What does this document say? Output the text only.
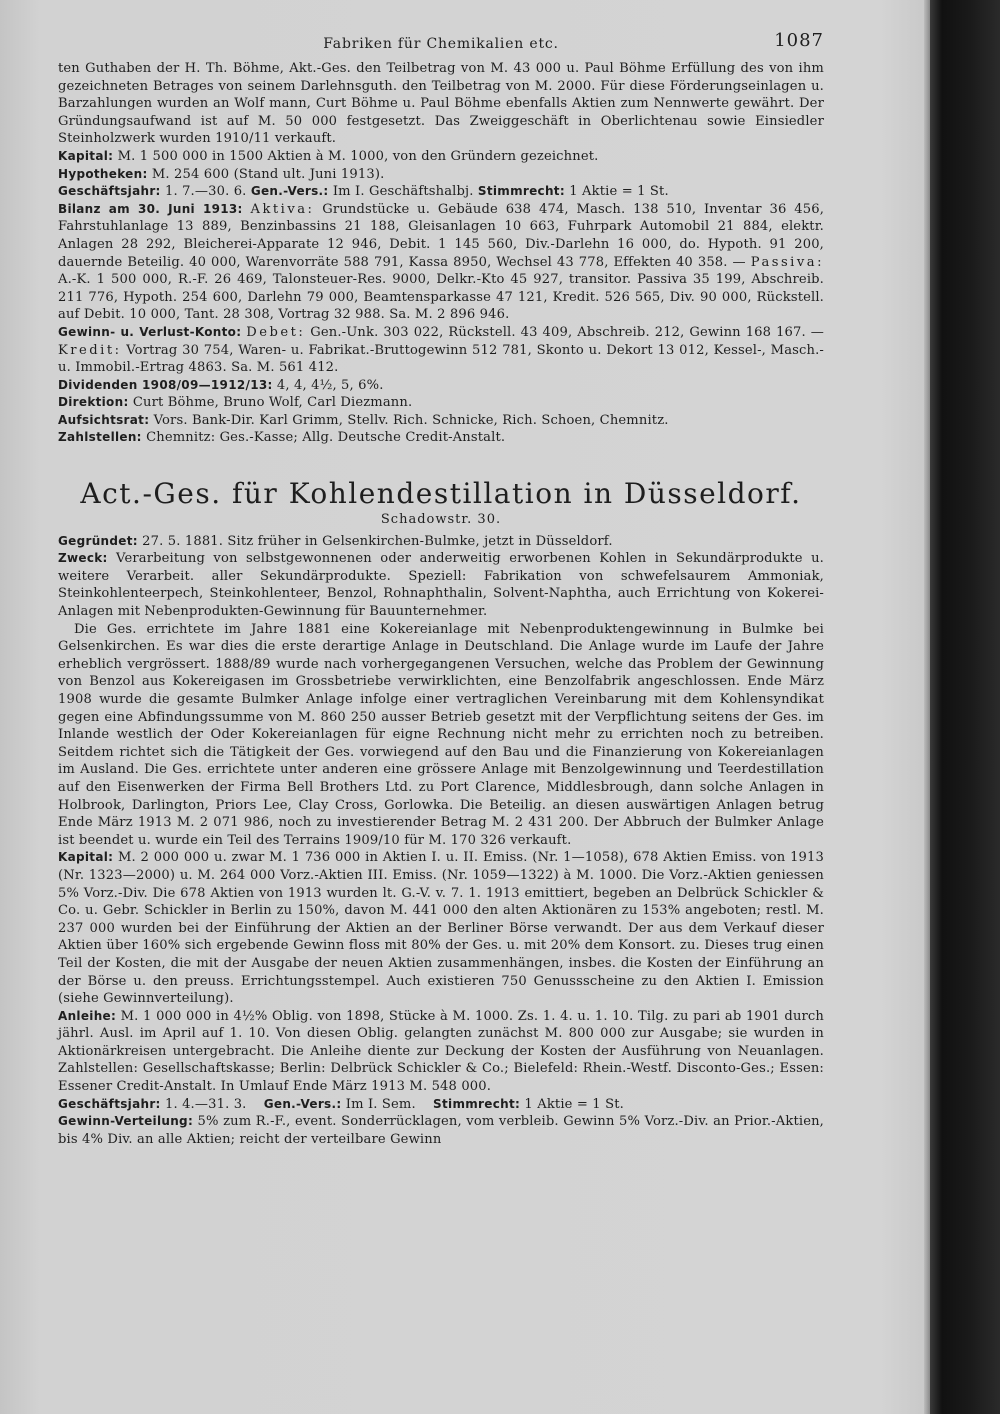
Fabriken für Chemikalien etc.	1087

ten Guthaben der H. Th. Böhme, Akt.-Ges. den Teilbetrag von M. 43 000 u. Paul Böhme Erfüllung des von ihm gezeichneten Betrages von seinem Darlehnsguth. den Teilbetrag von M. 2000. Für diese Förderungseinlagen u. Barzahlungen wurden an Wolf mann, Curt Böhme u. Paul Böhme ebenfalls Aktien zum Nennwerte gewährt. Der Gründungsaufwand ist auf M. 50 000 festgesetzt. Das Zweiggeschäft in Oberlichtenau sowie Einsiedler Steinholzwerk wurden 1910/11 verkauft.

Kapital: M. 1 500 000 in 1500 Aktien à M. 1000, von den Gründern gezeichnet.

Hypotheken: M. 254 600 (Stand ult. Juni 1913).

Geschäftsjahr: 1. 7.—30. 6. Gen.-Vers.: Im I. Geschäftshalbj. Stimmrecht: 1 Aktie = 1 St.

Bilanz am 30. Juni 1913: Aktiva: Grundstücke u. Gebäude 638 474, Masch. 138 510, Inventar 36 456, Fahrstuhlanlage 13 889, Benzinbassins 21 188, Gleisanlagen 10 663, Fuhrpark Automobil 21 884, elektr. Anlagen 28 292, Bleicherei-Apparate 12 946, Debit. 1 145 560, Div.-Darlehn 16 000, do. Hypoth. 91 200, dauernde Beteilig. 40 000, Warenvorräte 588 791, Kassa 8950, Wechsel 43 778, Effekten 40 358. — Passiva: A.-K. 1 500 000, R.-F. 26 469, Talonsteuer-Res. 9000, Delkr.-Kto 45 927, transitor. Passiva 35 199, Abschreib. 211 776, Hypoth. 254 600, Darlehn 79 000, Beamtensparkasse 47 121, Kredit. 526 565, Div. 90 000, Rückstell. auf Debit. 10 000, Tant. 28 308, Vortrag 32 988. Sa. M. 2 896 946.

Gewinn- u. Verlust-Konto: Debet: Gen.-Unk. 303 022, Rückstell. 43 409, Abschreib. 212, Gewinn 168 167. — Kredit: Vortrag 30 754, Waren- u. Fabrikat.-Bruttogewinn 512 781, Skonto u. Dekort 13 012, Kessel-, Masch.- u. Immobil.-Ertrag 4863. Sa. M. 561 412.

Dividenden 1908/09—1912/13: 4, 4, 4½, 5, 6%.

Direktion: Curt Böhme, Bruno Wolf, Carl Diezmann.

Aufsichtsrat: Vors. Bank-Dir. Karl Grimm, Stellv. Rich. Schnicke, Rich. Schoen, Chemnitz.

Zahlstellen: Chemnitz: Ges.-Kasse; Allg. Deutsche Credit-Anstalt.

Act.-Ges. für Kohlendestillation in Düsseldorf.
Schadowstr. 30.

Gegründet: 27. 5. 1881. Sitz früher in Gelsenkirchen-Bulmke, jetzt in Düsseldorf.

Zweck: Verarbeitung von selbstgewonnenen oder anderweitig erworbenen Kohlen in Sekundärprodukte u. weitere Verarbeit. aller Sekundärprodukte. Speziell: Fabrikation von schwefelsaurem Ammoniak, Steinkohlenteerpech, Steinkohlenteer, Benzol, Rohnaphthalin, Solvent-Naphtha, auch Errichtung von Kokerei-Anlagen mit Nebenprodukten-Gewinnung für Bauunternehmer.

Die Ges. errichtete im Jahre 1881 eine Kokereianlage mit Nebenproduktengewinnung in Bulmke bei Gelsenkirchen. Es war dies die erste derartige Anlage in Deutschland. Die Anlage wurde im Laufe der Jahre erheblich vergrössert. 1888/89 wurde nach vorhergegangenen Versuchen, welche das Problem der Gewinnung von Benzol aus Kokereigasen im Grossbetriebe verwirklichten, eine Benzolfabrik angeschlossen. Ende März 1908 wurde die gesamte Bulmker Anlage infolge einer vertraglichen Vereinbarung mit dem Kohlensyndikat gegen eine Abfindungssumme von M. 860 250 ausser Betrieb gesetzt mit der Verpflichtung seitens der Ges. im Inlande westlich der Oder Kokereianlagen für eigne Rechnung nicht mehr zu errichten noch zu betreiben. Seitdem richtet sich die Tätigkeit der Ges. vorwiegend auf den Bau und die Finanzierung von Kokereianlagen im Ausland. Die Ges. errichtete unter anderen eine grössere Anlage mit Benzolgewinnung und Teerdestillation auf den Eisenwerken der Firma Bell Brothers Ltd. zu Port Clarence, Middlesbrough, dann solche Anlagen in Holbrook, Darlington, Priors Lee, Clay Cross, Gorlowka. Die Beteilig. an diesen auswärtigen Anlagen betrug Ende März 1913 M. 2 071 986, noch zu investierender Betrag M. 2 431 200. Der Abbruch der Bulmker Anlage ist beendet u. wurde ein Teil des Terrains 1909/10 für M. 170 326 verkauft.

Kapital: M. 2 000 000 u. zwar M. 1 736 000 in Aktien I. u. II. Emiss. (Nr. 1—1058), 678 Aktien Emiss. von 1913 (Nr. 1323—2000) u. M. 264 000 Vorz.-Aktien III. Emiss. (Nr. 1059—1322) à M. 1000. Die Vorz.-Aktien geniessen 5% Vorz.-Div. Die 678 Aktien von 1913 wurden lt. G.-V. v. 7. 1. 1913 emittiert, begeben an Delbrück Schickler & Co. u. Gebr. Schickler in Berlin zu 150%, davon M. 441 000 den alten Aktionären zu 153% angeboten; restl. M. 237 000 wurden bei der Einführung der Aktien an der Berliner Börse verwandt. Der aus dem Verkauf dieser Aktien über 160% sich ergebende Gewinn floss mit 80% der Ges. u. mit 20% dem Konsort. zu. Dieses trug einen Teil der Kosten, die mit der Ausgabe der neuen Aktien zusammenhängen, insbes. die Kosten der Einführung an der Börse u. den preuss. Errichtungsstempel. Auch existieren 750 Genussscheine zu den Aktien I. Emission (siehe Gewinnverteilung).

Anleihe: M. 1 000 000 in 4½% Oblig. von 1898, Stücke à M. 1000. Zs. 1. 4. u. 1. 10. Tilg. zu pari ab 1901 durch jährl. Ausl. im April auf 1. 10. Von diesen Oblig. gelangten zunächst M. 800 000 zur Ausgabe; sie wurden in Aktionärkreisen untergebracht. Die Anleihe diente zur Deckung der Kosten der Ausführung von Neuanlagen. Zahlstellen: Gesellschaftskasse; Berlin: Delbrück Schickler & Co.; Bielefeld: Rhein.-Westf. Disconto-Ges.; Essen: Essener Credit-Anstalt. In Umlauf Ende März 1913 M. 548 000.

Geschäftsjahr: 1. 4.—31. 3. Gen.-Vers.: Im I. Sem. Stimmrecht: 1 Aktie = 1 St.

Gewinn-Verteilung: 5% zum R.-F., event. Sonderrücklagen, vom verbleib. Gewinn 5% Vorz.-Div. an Prior.-Aktien, bis 4% Div. an alle Aktien; reicht der verteilbare Gewinn
